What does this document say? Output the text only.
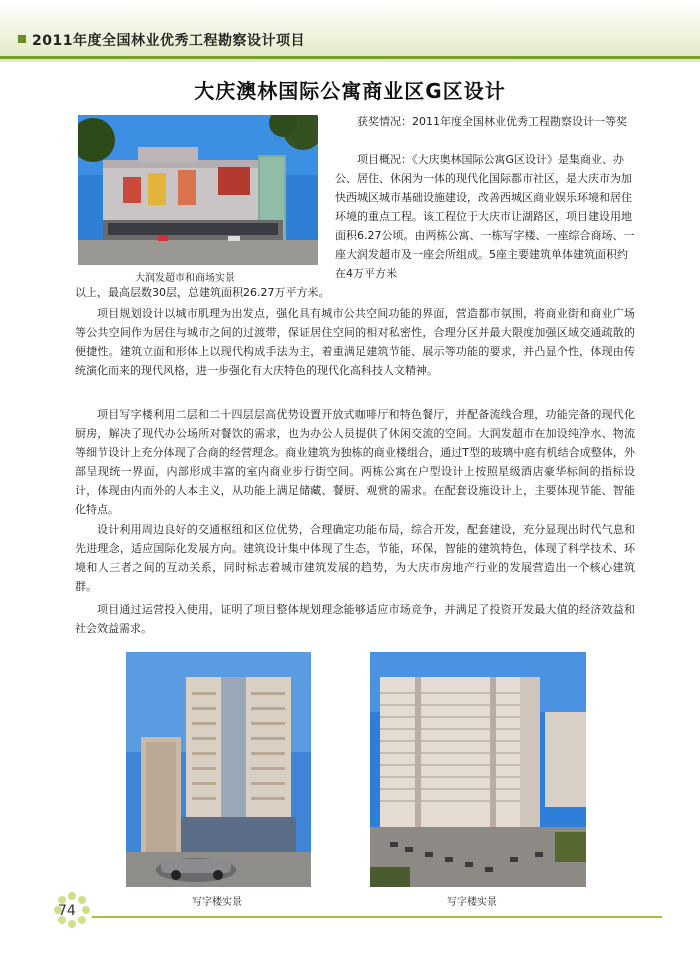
2011年度全国林业优秀工程勘察设计项目
大庆澳林国际公寓商业区G区设计
大润发超市和商场实景
获奖情况：2011年度全国林业优秀工程勘察设计一等奖
项目概况：《大庆奥林国际公寓G区设计》是集商业、办公、居住、休闲为一体的现代化国际都市社区，是大庆市为加快西城区城市基础设施建设，改善西城区商业娱乐环境和居住环境的重点工程。该工程位于大庆市让湖路区，项目建设用地面积6.27公顷。由两栋公寓、一栋写字楼、一座综合商场、一座大润发超市及一座会所组成。5座主要建筑单体建筑面积约在4万平方米
以上，最高层数30层，总建筑面积26.27万平方米。
项目规划设计以城市肌理为出发点，强化具有城市公共空间功能的界面，营造都市氛围，将商业街和商业广场等公共空间作为居住与城市之间的过渡带，保证居住空间的相对私密性，合理分区并最大限度加强区域交通疏散的便捷性。建筑立面和形体上以现代构成手法为主，着重满足建筑节能、展示等功能的要求，并凸显个性，体现由传统演化而来的现代风格，进一步强化有大庆特色的现代化高科技人文精神。
项目写字楼利用二层和二十四层层高优势设置开放式咖啡厅和特色餐厅，并配备流线合理，功能完备的现代化厨房，解决了现代办公场所对餐饮的需求，也为办公人员提供了休闲交流的空间。大润发超市在加设纯净水、物流等细节设计上充分体现了合商的经营理念。商业建筑为独栋的商业楼组合，通过T型的玻璃中庭有机结合成整体，外部呈现统一界面，内部形成丰富的室内商业步行街空间。两栋公寓在户型设计上按照星级酒店豪华标间的指标设计，体现由内而外的人本主义，从功能上满足储藏、餐厨、观赏的需求。在配套设施设计上，主要体现节能、智能化特点。
设计利用周边良好的交通枢纽和区位优势，合理确定功能布局，综合开发，配套建设，充分显现出时代气息和先进理念，适应国际化发展方向。建筑设计集中体现了生态，节能，环保，智能的建筑特色，体现了科学技术、环境和人三者之间的互动关系，同时标志着城市建筑发展的趋势，为大庆市房地产行业的发展营造出一个核心建筑群。
项目通过运营投入使用，证明了项目整体规划理念能够适应市场竞争，并满足了投资开发最大值的经济效益和社会效益需求。
写字楼实景	写字楼实景
74
